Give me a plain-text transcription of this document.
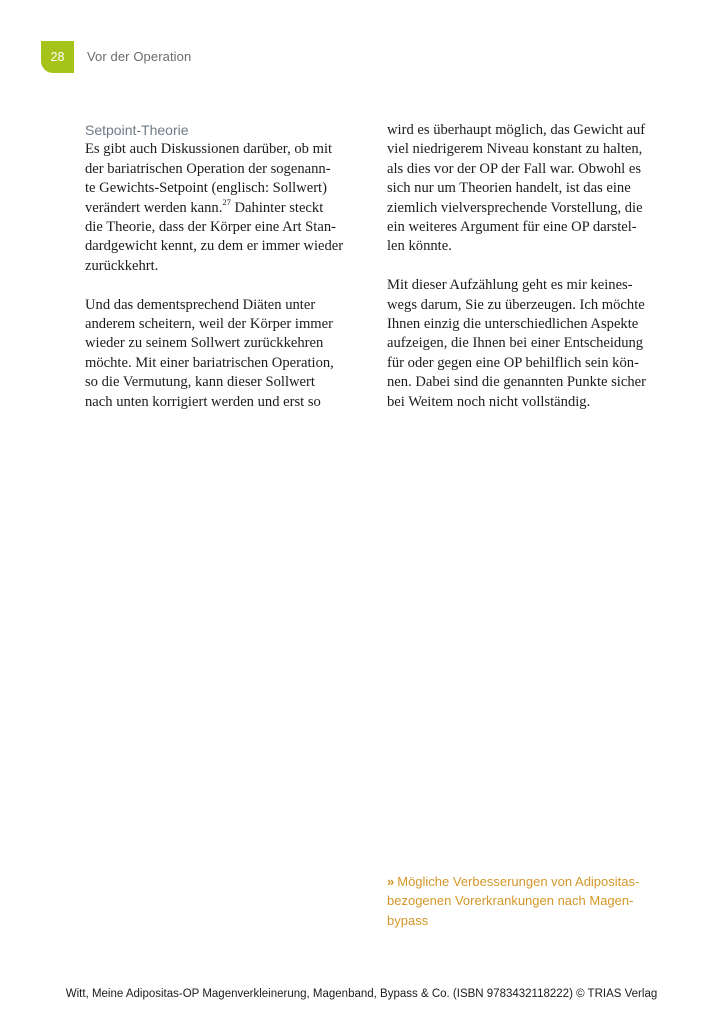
28	Vor der Operation

Setpoint-Theorie

Es gibt auch Diskussionen darüber, ob mit

der bariatrischen Operation der sogenann-

te Gewichts-Setpoint (englisch: Sollwert)

verändert werden kann.$^{27}$ Dahinter steckt

die Theorie, dass der Körper eine Art Stan-

dardgewicht kennt, zu dem er immer wieder

zurückkehrt.

Und das dementsprechend Diäten unter

anderem scheitern, weil der Körper immer

wieder zu seinem Sollwert zurückkehren

möchte. Mit einer bariatrischen Operation,

so die Vermutung, kann dieser Sollwert

nach unten korrigiert werden und erst so

wird es überhaupt möglich, das Gewicht auf

viel niedrigerem Niveau konstant zu halten,

als dies vor der OP der Fall war. Obwohl es

sich nur um Theorien handelt, ist das eine

ziemlich vielversprechende Vorstellung, die

ein weiteres Argument für eine OP darstel-

len könnte.

Mit dieser Aufzählung geht es mir keines-

wegs darum, Sie zu überzeugen. Ich möchte

Ihnen einzig die unterschiedlichen Aspekte

aufzeigen, die Ihnen bei einer Entscheidung

für oder gegen eine OP behilflich sein kön-

nen. Dabei sind die genannten Punkte sicher

bei Weitem noch nicht vollständig.

» Mögliche Verbesserungen von Adipositas-

bezogenen Vorerkrankungen nach Magen-

bypass

Witt, Meine Adipositas-OP Magenverkleinerung, Magenband, Bypass & Co. (ISBN 9783432118222) © TRIAS Verlag
